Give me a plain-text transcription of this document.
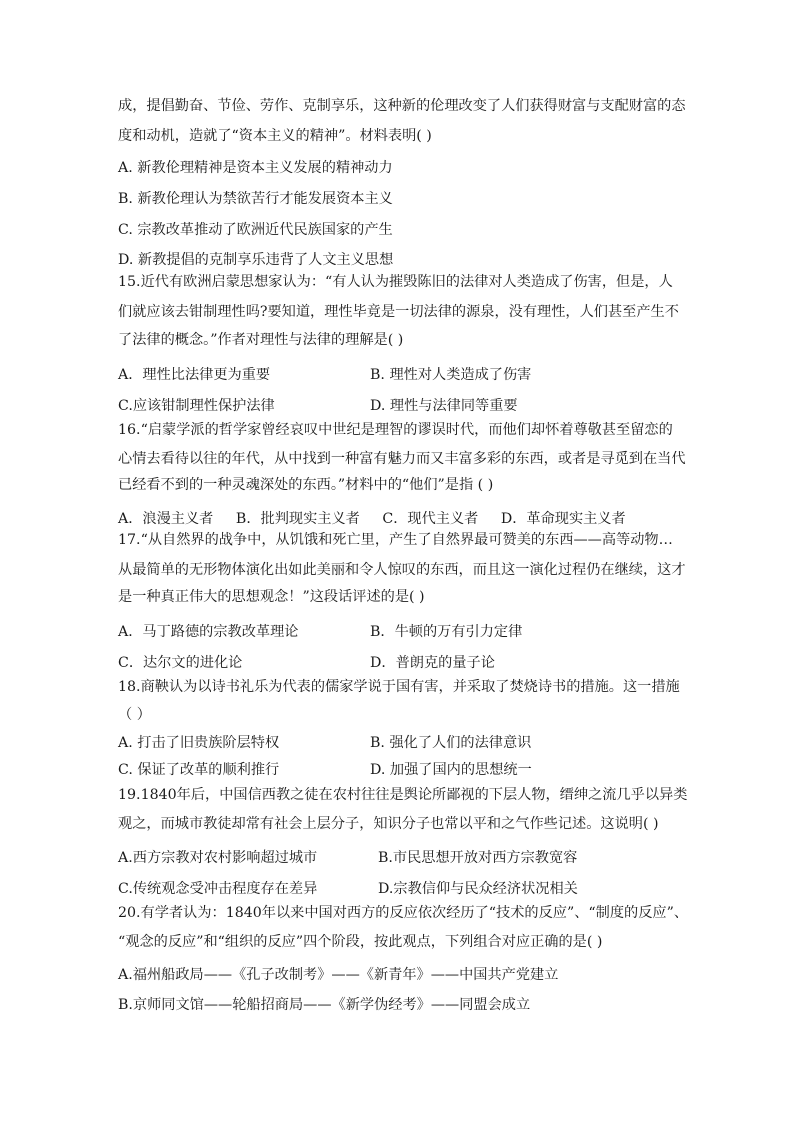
成，提倡勤奋、节俭、劳作、克制享乐，这种新的伦理改变了人们获得财富与支配财富的态
度和动机，造就了“资本主义的精神”。材料表明( )
A. 新教伦理精神是资本主义发展的精神动力
B. 新教伦理认为禁欲苦行才能发展资本主义
C. 宗教改革推动了欧洲近代民族国家的产生
D. 新教提倡的克制享乐违背了人文主义思想
15.近代有欧洲启蒙思想家认为：“有人认为摧毁陈旧的法律对人类造成了伤害，但是，人
们就应该去钳制理性吗?要知道，理性毕竟是一切法律的源泉，没有理性，人们甚至产生不
了法律的概念。”作者对理性与法律的理解是( )
A．理性比法律更为重要	B. 理性对人类造成了伤害
C.应该钳制理性保护法律	D. 理性与法律同等重要
16.“启蒙学派的哲学家曾经哀叹中世纪是理智的谬误时代，而他们却怀着尊敬甚至留恋的
心情去看待以往的年代，从中找到一种富有魅力而又丰富多彩的东西，或者是寻觅到在当代
已经看不到的一种灵魂深处的东西。”材料中的“他们”是指 ( )
A．浪漫主义者 B．批判现实主义者 C．现代主义者 D．革命现实主义者
17.“从自然界的战争中，从饥饿和死亡里，产生了自然界最可赞美的东西——高等动物…
从最简单的无形物体演化出如此美丽和令人惊叹的东西，而且这一演化过程仍在继续，这才
是一种真正伟大的思想观念！”这段话评述的是( )
A．马丁路德的宗教改革理论	B．牛顿的万有引力定律
C．达尔文的进化论	D．普朗克的量子论
18.商鞅认为以诗书礼乐为代表的儒家学说于国有害，并采取了焚烧诗书的措施。这一措施
（ ）
A. 打击了旧贵族阶层特权	B. 强化了人们的法律意识
C. 保证了改革的顺利推行	D. 加强了国内的思想统一
19.1840年后，中国信西教之徒在农村往往是舆论所鄙视的下层人物，缙绅之流几乎以异类
观之，而城市教徒却常有社会上层分子，知识分子也常以平和之气作些记述。这说明( )
A.西方宗教对农村影响超过城市	B.市民思想开放对西方宗教宽容
C.传统观念受冲击程度存在差异	D.宗教信仰与民众经济状况相关
20.有学者认为：1840年以来中国对西方的反应依次经历了“技术的反应”、“制度的反应”、
“观念的反应”和“组织的反应”四个阶段，按此观点，下列组合对应正确的是( )
A.福州船政局——《孔子改制考》——《新青年》——中国共产党建立
B.京师同文馆——轮船招商局——《新学伪经考》——同盟会成立
